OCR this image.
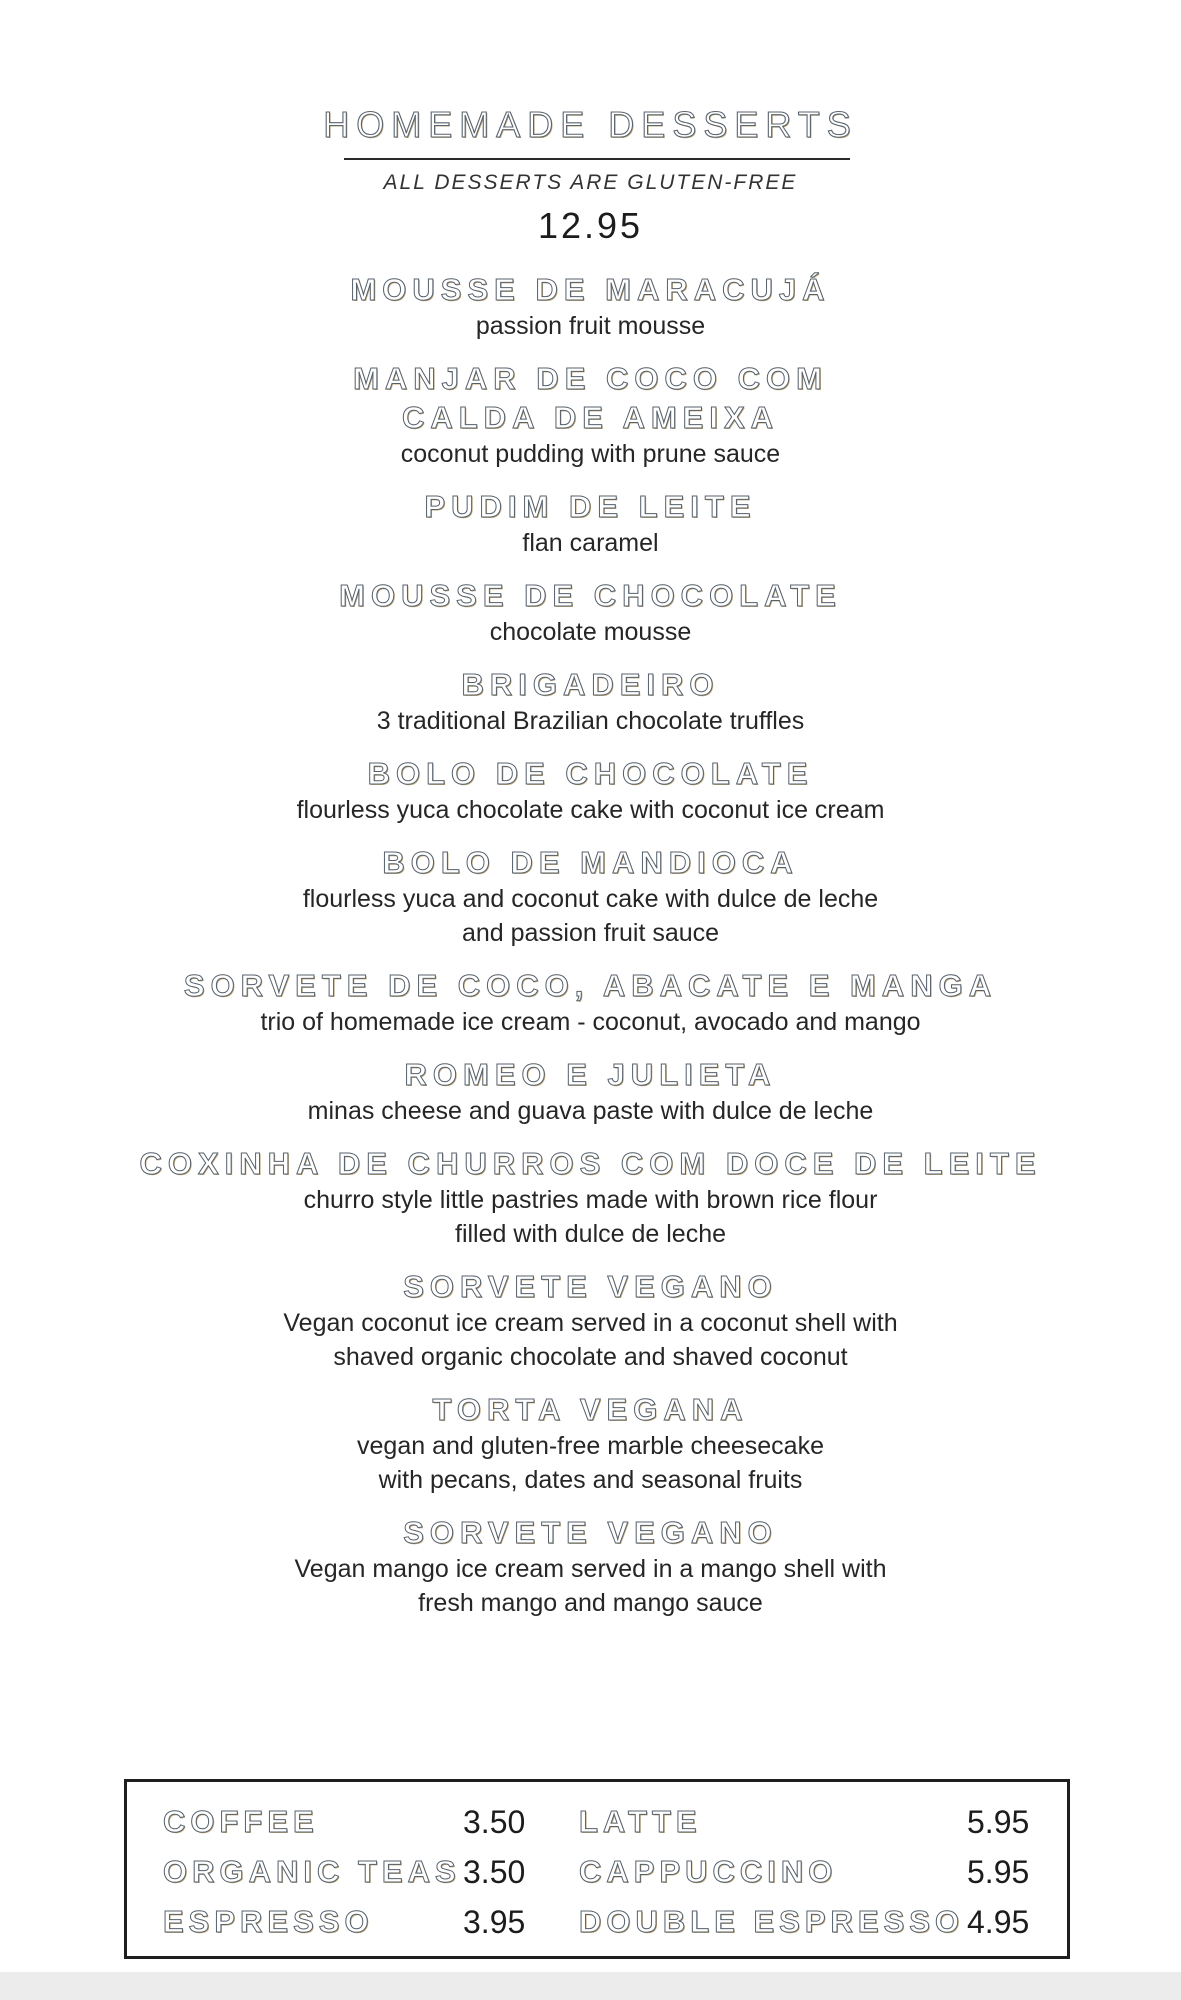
HOMEMADE DESSERTS
ALL DESSERTS ARE GLUTEN-FREE
12.95
MOUSSE DE MARACUJÁ
passion fruit mousse
MANJAR DE COCO COM
CALDA DE AMEIXA
coconut pudding with prune sauce
PUDIM DE LEITE
flan caramel
MOUSSE DE CHOCOLATE
chocolate mousse
BRIGADEIRO
3 traditional Brazilian chocolate truffles
BOLO DE CHOCOLATE
flourless yuca chocolate cake with coconut ice cream
BOLO DE MANDIOCA
flourless yuca and coconut cake with dulce de leche
and passion fruit sauce
SORVETE DE COCO, ABACATE E MANGA
trio of homemade ice cream - coconut, avocado and mango
ROMEO E JULIETA
minas cheese and guava paste with dulce de leche
COXINHA DE CHURROS COM DOCE DE LEITE
churro style little pastries made with brown rice flour
filled with dulce de leche
SORVETE VEGANO
Vegan coconut ice cream served in a coconut shell with
shaved organic chocolate and shaved coconut
TORTA VEGANA
vegan and gluten-free marble cheesecake
with pecans, dates and seasonal fruits
SORVETE VEGANO
Vegan mango ice cream served in a mango shell with
fresh mango and mango sauce
COFFEE	3.50 LATTE	5.95
ORGANIC TEAS 3.50 CAPPUCCINO	5.95
ESPRESSO	3.95 DOUBLE ESPRESSO 4.95
